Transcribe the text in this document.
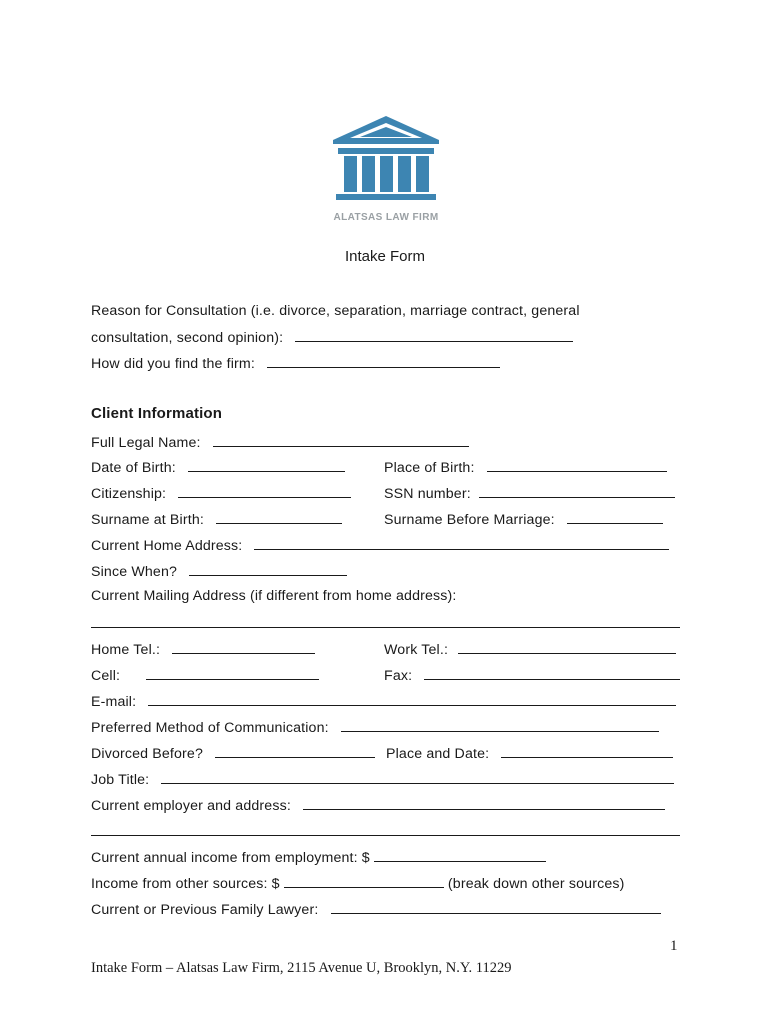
ALATSAS LAW FIRM
Intake Form
Reason for Consultation (i.e. divorce, separation, marriage contract, general
consultation, second opinion):
How did you find the firm:
Client Information
Full Legal Name:
Date of Birth:	Place of Birth:
Citizenship:	SSN number:
Surname at Birth:	Surname Before Marriage:
Current Home Address:
Since When?
Current Mailing Address (if different from home address):
Home Tel.:	Work Tel.:
Cell:	Fax:
E-mail:
Preferred Method of Communication:
Divorced Before?	Place and Date:
Job Title:
Current employer and address:
Current annual income from employment: $
Income from other sources: $	(break down other sources)
Current or Previous Family Lawyer:
1
Intake Form – Alatsas Law Firm, 2115 Avenue U, Brooklyn, N.Y. 11229
